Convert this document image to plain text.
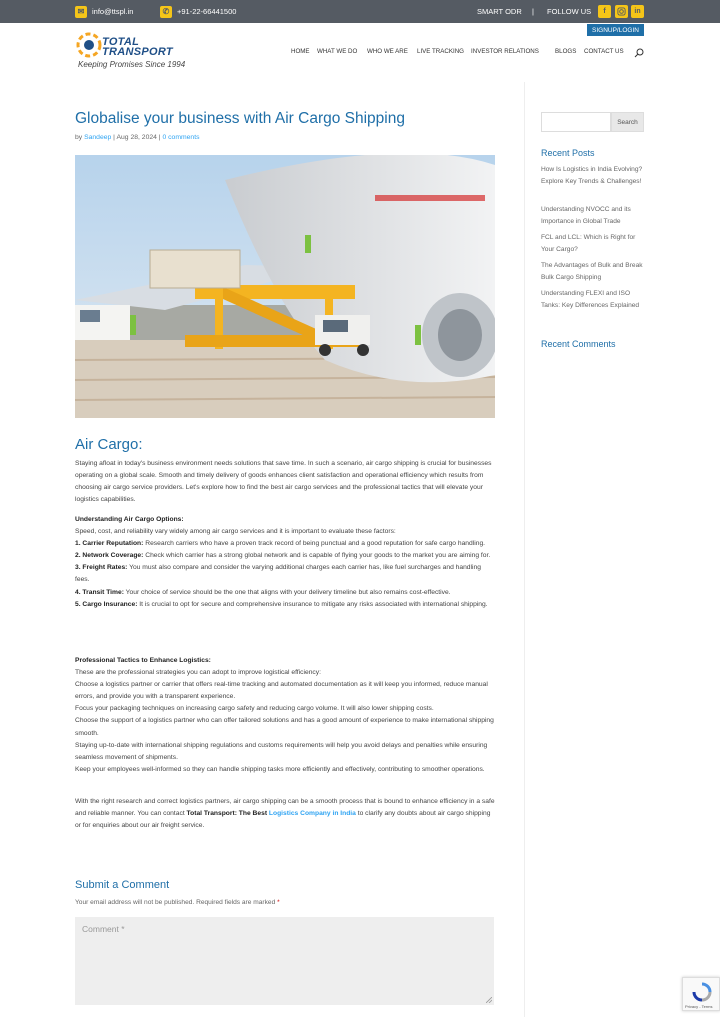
✉	info@ttspl.in	✆	+91-22-66441500	SMART ODR | FOLLOW US	f	in
SIGNUP/LOGIN
TOTAL
TRANSPORT
Keeping Promises Since 1994
HOME WHAT WE DO WHO WE ARE LIVE TRACKING INVESTOR RELATIONS	BLOGS CONTACT US
Globalise your business with Air Cargo Shipping
by Sandeep | Aug 28, 2024 | 0 comments
Air Cargo:

Staying afloat in today's business environment needs solutions that save time. In such a scenario, air cargo shipping is crucial for businesses operating on a global scale. Smooth and timely delivery of goods enhances client satisfaction and operational efficiency which results from choosing air cargo service providers. Let's explore how to find the best air cargo services and the professional tactics that will elevate your logistics capabilities.

Understanding Air Cargo Options:

Speed, cost, and reliability vary widely among air cargo services and it is important to evaluate these factors:

1. Carrier Reputation: Research carriers who have a proven track record of being punctual and a good reputation for safe cargo handling.

2. Network Coverage: Check which carrier has a strong global network and is capable of flying your goods to the market you are aiming for.

3. Freight Rates: You must also compare and consider the varying additional charges each carrier has, like fuel surcharges and handling fees.

4. Transit Time: Your choice of service should be the one that aligns with your delivery timeline but also remains cost-effective.

5. Cargo Insurance: It is crucial to opt for secure and comprehensive insurance to mitigate any risks associated with international shipping.

Professional Tactics to Enhance Logistics:

These are the professional strategies you can adopt to improve logistical efficiency:

Choose a logistics partner or carrier that offers real-time tracking and automated documentation as it will keep you informed, reduce manual errors, and provide you with a transparent experience.

Focus your packaging techniques on increasing cargo safety and reducing cargo volume. It will also lower shipping costs.

Choose the support of a logistics partner who can offer tailored solutions and has a good amount of experience to make international shipping smooth.

Staying up-to-date with international shipping regulations and customs requirements will help you avoid delays and penalties while ensuring seamless movement of shipments.

Keep your employees well-informed so they can handle shipping tasks more efficiently and effectively, contributing to smoother operations.

With the right research and correct logistics partners, air cargo shipping can be a smooth process that is bound to enhance efficiency in a safe and reliable manner. You can contact Total Transport: The Best Logistics Company in India to clarify any doubts about air cargo shipping or for enquiries about our air freight service.

Submit a Comment
Your email address will not be published. Required fields are marked *
Comment *
Search
Recent Posts
How Is Logistics in India Evolving? Explore Key Trends & Challenges!
Understanding NVOCC and its Importance in Global Trade
FCL and LCL: Which is Right for Your Cargo?
The Advantages of Bulk and Break Bulk Cargo Shipping
Understanding FLEXI and ISO Tanks: Key Differences Explained
Recent Comments
Privacy - Terms
